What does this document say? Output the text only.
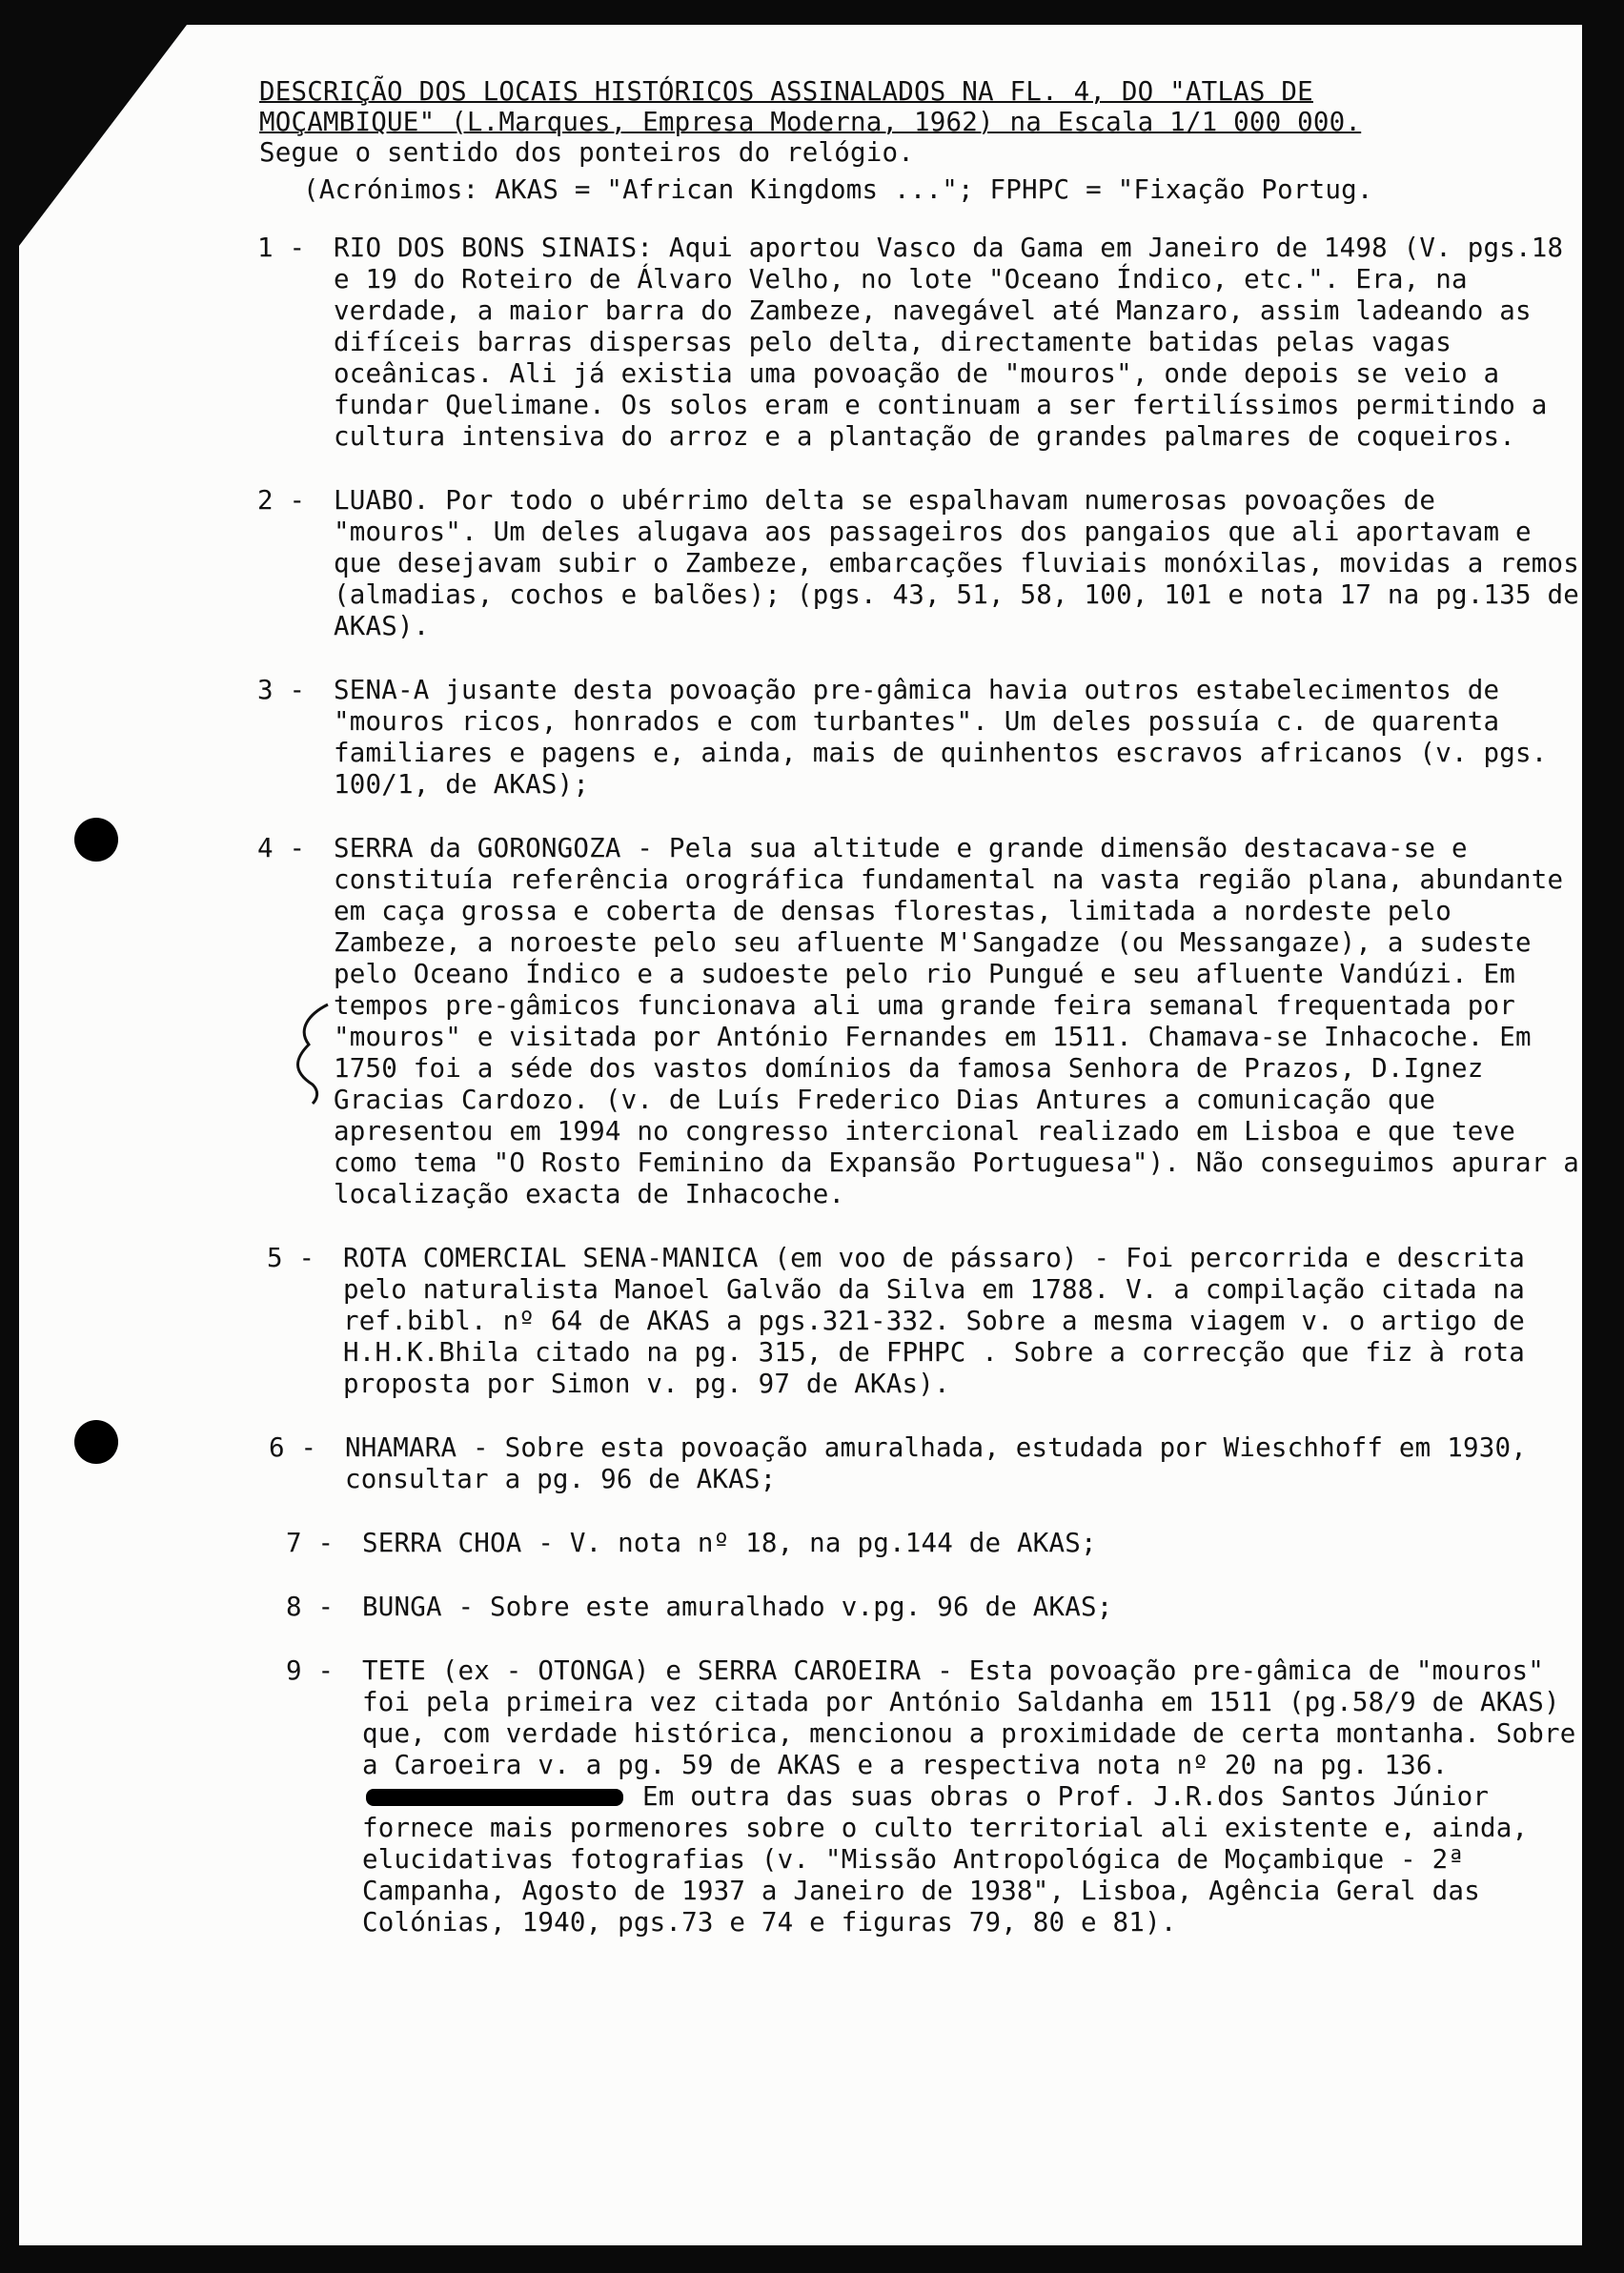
DESCRIÇÃO DOS LOCAIS HISTÓRICOS ASSINALADOS NA FL. 4, DO "ATLAS DE
MOÇAMBIQUE" (L.Marques, Empresa Moderna, 1962) na Escala 1/1 000 000.
Segue o sentido dos ponteiros do relógio.
(Acrónimos: AKAS = "African Kingdoms ..."; FPHPC = "Fixação Portug.
1 - RIO DOS BONS SINAIS: Aqui aportou Vasco da Gama em Janeiro de 1498 (V. pgs.18 e 19 do Roteiro de Álvaro Velho, no lote "Oceano Índico, etc.". Era, na verdade, a maior barra do Zambeze, navegável até Manzaro, assim ladeando as difíceis barras dispersas pelo delta, directamente batidas pelas vagas oceânicas. Ali já existia uma povoação de "mouros", onde depois se veio a fundar Quelimane. Os solos eram e continuam a ser fertilíssimos permitindo a cultura intensiva do arroz e a plantação de grandes palmares de coqueiros.
2 - LUABO. Por todo o ubérrimo delta se espalhavam numerosas povoações de "mouros". Um deles alugava aos passageiros dos pangaios que ali aportavam e que desejavam subir o Zambeze, embarcações fluviais monóxilas, movidas a remos (almadias, cochos e balões); (pgs. 43, 51, 58, 100, 101 e nota 17 na pg.135 de AKAS).
3 - SENA-A jusante desta povoação pre-gâmica havia outros estabelecimentos de "mouros ricos, honrados e com turbantes". Um deles possuía c. de quarenta familiares e pagens e, ainda, mais de quinhentos escravos africanos (v. pgs. 100/1, de AKAS);
4 - SERRA da GORONGOZA - Pela sua altitude e grande dimensão destacava-se e constituía referência orográfica fundamental na vasta região plana, abundante em caça grossa e coberta de densas florestas, limitada a nordeste pelo Zambeze, a noroeste pelo seu afluente M'Sangadze (ou Messangaze), a sudeste pelo Oceano Índico e a sudoeste pelo rio Pungué e seu afluente Vandúzi. Em tempos pre-gâmicos funcionava ali uma grande feira semanal frequentada por "mouros" e visitada por António Fernandes em 1511. Chamava-se Inhacoche. Em 1750 foi a séde dos vastos domínios da famosa Senhora de Prazos, D.Ignez Gracias Cardozo. (v. de Luís Frederico Dias Antures a comunicação que apresentou em 1994 no congresso intercional realizado em Lisboa e que teve como tema "O Rosto Feminino da Expansão Portuguesa"). Não conseguimos apurar a localização exacta de Inhacoche.
5 - ROTA COMERCIAL SENA-MANICA (em voo de pássaro) - Foi percorrida e descrita pelo naturalista Manoel Galvão da Silva em 1788. V. a compilação citada na ref.bibl. nº 64 de AKAS a pgs.321-332. Sobre a mesma viagem v. o artigo de H.H.K.Bhila citado na pg. 315, de FPHPC . Sobre a correcção que fiz à rota proposta por Simon v. pg. 97 de AKAs).
6 - NHAMARA - Sobre esta povoação amuralhada, estudada por Wieschhoff em 1930, consultar a pg. 96 de AKAS;
7 - SERRA CHOA - V. nota nº 18, na pg.144 de AKAS;
8 - BUNGA - Sobre este amuralhado v.pg. 96 de AKAS;
9 - TETE (ex - OTONGA) e SERRA CAROEIRA - Esta povoação pre-gâmica de "mouros" foi pela primeira vez citada por António Saldanha em 1511 (pg.58/9 de AKAS) que, com verdade histórica, mencionou a proximidade de certa montanha. Sobre a Caroeira v. a pg. 59 de AKAS e a respectiva nota nº 20 na pg. 136.Em outra das suas obras o Prof. J.R.dos Santos Júnior fornece mais pormenores sobre o culto territorial ali existente e, ainda, elucidativas fotografias (v. "Missão Antropológica de Moçambique - 2ª Campanha, Agosto de 1937 a Janeiro de 1938", Lisboa, Agência Geral das Colónias, 1940, pgs.73 e 74 e figuras 79, 80 e 81).
